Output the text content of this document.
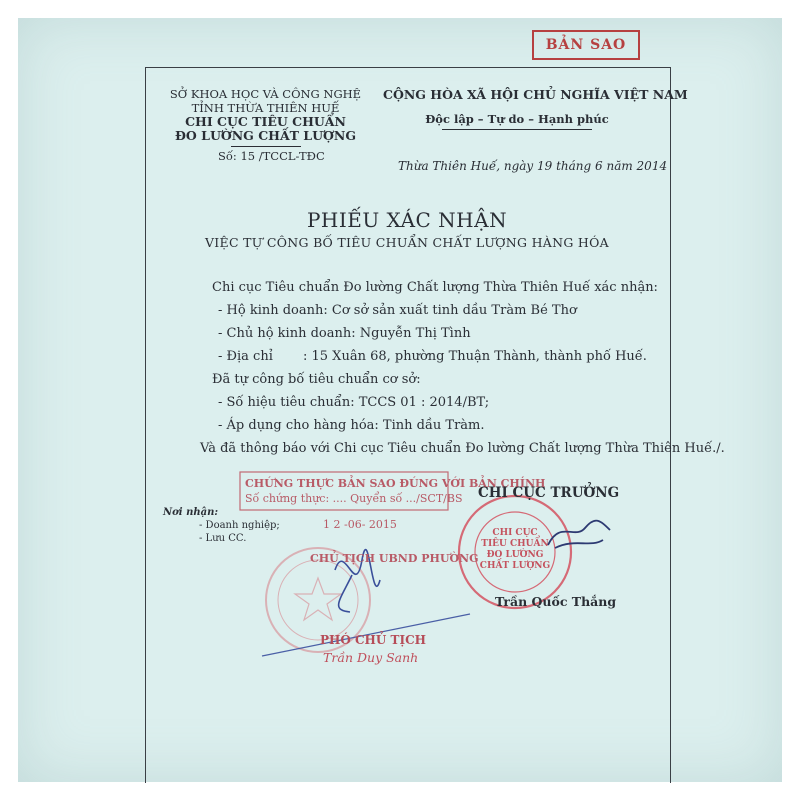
BẢN SAO
SỞ KHOA HỌC VÀ CÔNG NGHỆ
TỈNH THỪA THIÊN HUẾ
CHI CỤC TIÊU CHUẨN
ĐO LƯỜNG CHẤT LƯỢNG
Số: 15 /TCCL-TĐC
CỘNG HÒA XÃ HỘI CHỦ NGHĨA VIỆT NAM
Độc lập – Tự do – Hạnh phúc
Thừa Thiên Huế, ngày 19 tháng 6 năm 2014
PHIẾU XÁC NHẬN
VIỆC TỰ CÔNG BỐ TIÊU CHUẨN CHẤT LƯỢNG HÀNG HÓA
Chi cục Tiêu chuẩn Đo lường Chất lượng Thừa Thiên Huế xác nhận:
- Hộ kinh doanh: Cơ sở sản xuất tinh dầu Tràm Bé Thơ
- Chủ hộ kinh doanh: Nguyễn Thị Tình
- Địa chỉ : 15 Xuân 68, phường Thuận Thành, thành phố Huế.
Đã tự công bố tiêu chuẩn cơ sở:
- Số hiệu tiêu chuẩn: TCCS 01 : 2014/BT;
- Áp dụng cho hàng hóa: Tinh dầu Tràm.
Và đã thông báo với Chi cục Tiêu chuẩn Đo lường Chất lượng Thừa Thiên Huế./.
Nơi nhận:
- Doanh nghiệp;
- Lưu CC.
CHỨNG THỰC BẢN SAO ĐÚNG VỚI BẢN CHÍNH
Số chứng thực: .... Quyển số .../SCT/BS
1 2 -06- 2015
CHỦ TỊCH UBND PHƯỜNG
PHÓ CHỦ TỊCH
Trần Duy Sanh
CHI CỤC
TIÊU CHUẨN
ĐO LƯỜNG
CHẤT LƯỢNG
CHI CỤC TRƯỞNG
Trần Quốc Thắng
